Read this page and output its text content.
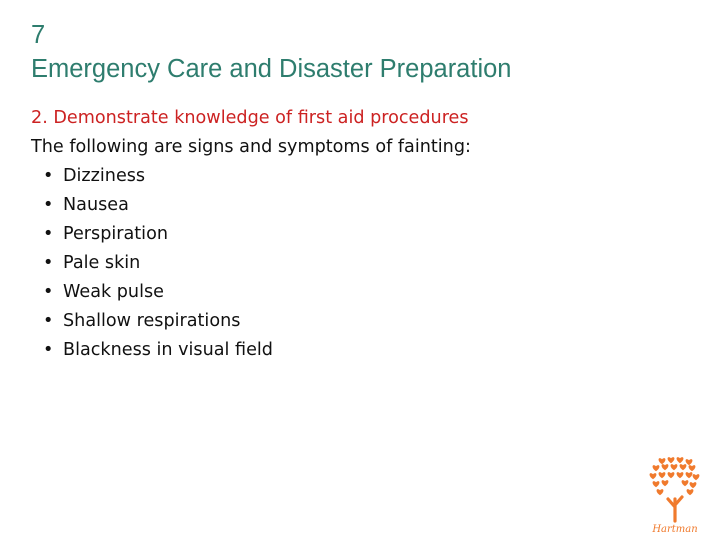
7
Emergency Care and Disaster Preparation
2. Demonstrate knowledge of first aid procedures
The following are signs and symptoms of fainting:
• Dizziness
• Nausea
• Perspiration
• Pale skin
• Weak pulse
• Shallow respirations
• Blackness in visual field
Hartman
